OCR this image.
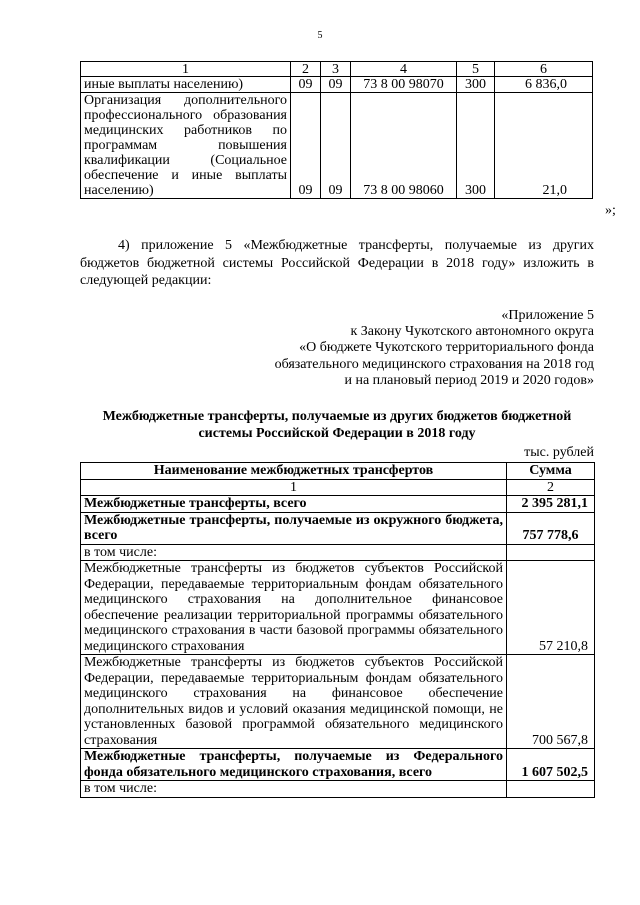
5
1	2	3	4	5	6
иные выплаты населению)	09	09	73 8 00 98070	300	6 836,0
Организация дополнительного профессионального образования медицинских работников по программам повышения квалификации (Социальное обеспечение и иные выплаты населению)	09	09	73 8 00 98060	300	21,0
»;
4) приложение 5 «Межбюджетные трансферты, получаемые из других бюджетов бюджетной системы Российской Федерации в 2018 году» изложить в следующей редакции:
«Приложение 5
к Закону Чукотского автономного округа
«О бюджете Чукотского территориального фонда
обязательного медицинского страхования на 2018 год
и на плановый период 2019 и 2020 годов»
Межбюджетные трансферты, получаемые из других бюджетов бюджетной системы Российской Федерации в 2018 году
тыс. рублей
Наименование межбюджетных трансфертов	Сумма
1	2
Межбюджетные трансферты, всего	2 395 281,1
Межбюджетные трансферты, получаемые из окружного бюджета, всего	757 778,6
в том числе:	
Межбюджетные трансферты из бюджетов субъектов Российской Федерации, передаваемые территориальным фондам обязательного медицинского страхования на дополнительное финансовое обеспечение реализации территориальной программы обязательного медицинского страхования в части базовой программы обязательного медицинского страхования	57 210,8
Межбюджетные трансферты из бюджетов субъектов Российской Федерации, передаваемые территориальным фондам обязательного медицинского страхования на финансовое обеспечение дополнительных видов и условий оказания медицинской помощи, не установленных базовой программой обязательного медицинского страхования	700 567,8
Межбюджетные трансферты, получаемые из Федерального фонда обязательного медицинского страхования, всего	1 607 502,5
в том числе:	
